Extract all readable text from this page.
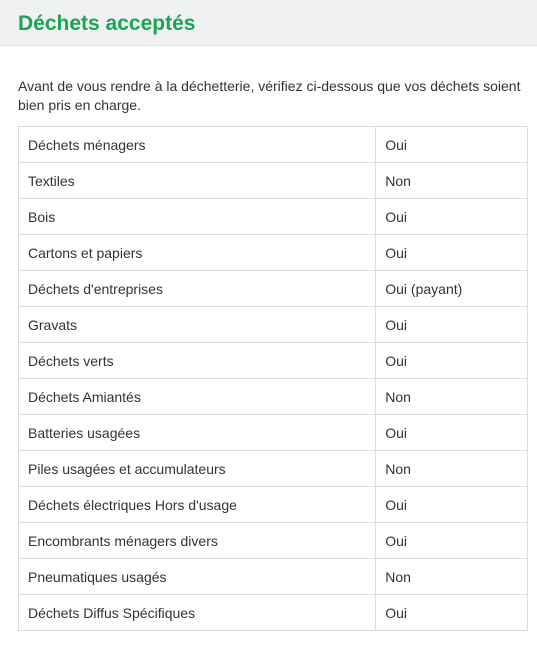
Déchets acceptés

Avant de vous rendre à la déchetterie, vérifiez ci-dessous que vos déchets soient bien pris en charge.

Déchets ménagers	Oui
Textiles	Non
Bois	Oui
Cartons et papiers	Oui
Déchets d'entreprises	Oui (payant)
Gravats	Oui
Déchets verts	Oui
Déchets Amiantés	Non
Batteries usagées	Oui
Piles usagées et accumulateurs	Non
Déchets électriques Hors d'usage	Oui
Encombrants ménagers divers	Oui
Pneumatiques usagés	Non
Déchets Diffus Spécifiques	Oui
